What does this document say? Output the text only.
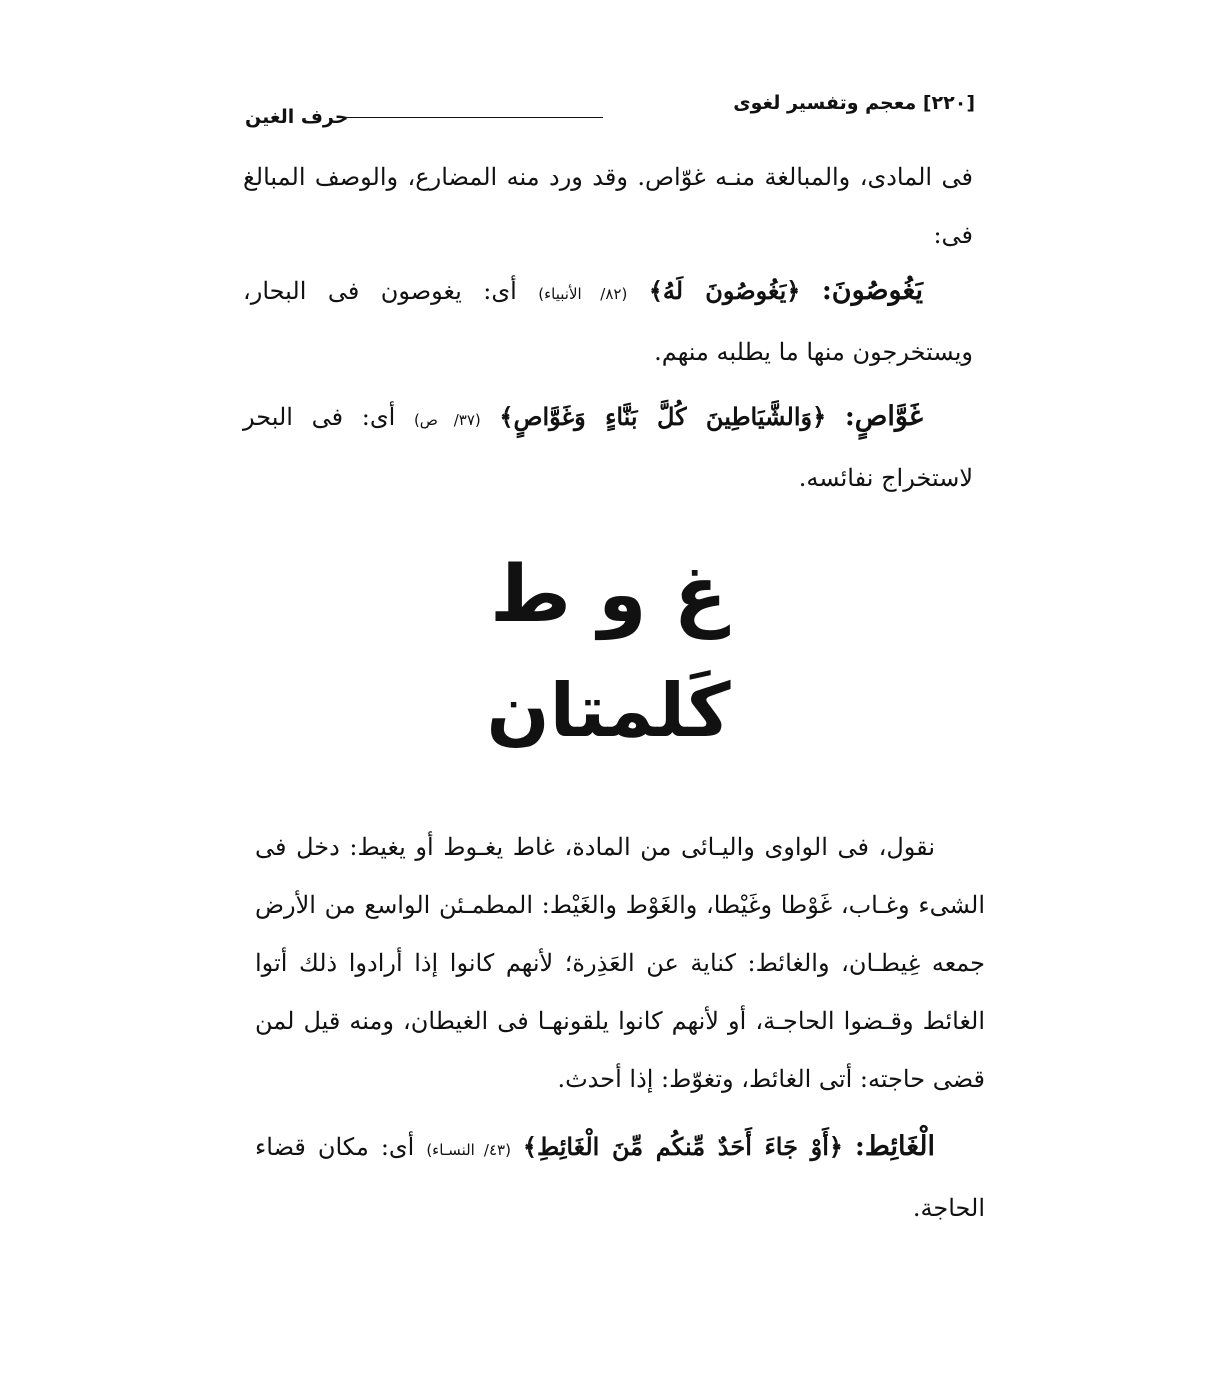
[٢٢٠] معجم وتفسير لغوى
حرف الغين

فى المادى، والمبالغة منـه غوّاص. وقد ورد منه المضارع، والوصف المبالغ فى:

يَغُوصُونَ: ﴿يَغُوصُونَ لَهُ﴾ (٨٢/ الأنبياء) أى: يغوصون فى البحار، ويستخرجون منها ما يطلبه منهم.

غَوَّاصٍ: ﴿وَالشَّيَاطِينَ كُلَّ بَنَّاءٍ وَغَوَّاصٍ﴾ (٣٧/ ص) أى: فى البحر لاستخراج نفائسه.

غ و ط
كَلمتان

نقول، فى الواوى واليـائى من المادة، غاط يغـوط أو يغيط: دخل فى الشىء وغـاب، غَوْطا وغَيْطا، والغَوْط والغَيْط: المطمـئن الواسع من الأرض جمعه غِيطـان، والغائط: كناية عن العَذِرة؛ لأنهم كانوا إذا أرادوا ذلك أتوا الغائط وقـضوا الحاجـة، أو لأنهم كانوا يلقونهـا فى الغيطان، ومنه قيل لمن قضى حاجته: أتى الغائط، وتغوّط: إذا أحدث.

الْغَائِط: ﴿أَوْ جَاءَ أَحَدٌ مِّنكُم مِّنَ الْغَائِطِ﴾ (٤٣/ النسـاء) أى: مكان قضاء الحاجة.
